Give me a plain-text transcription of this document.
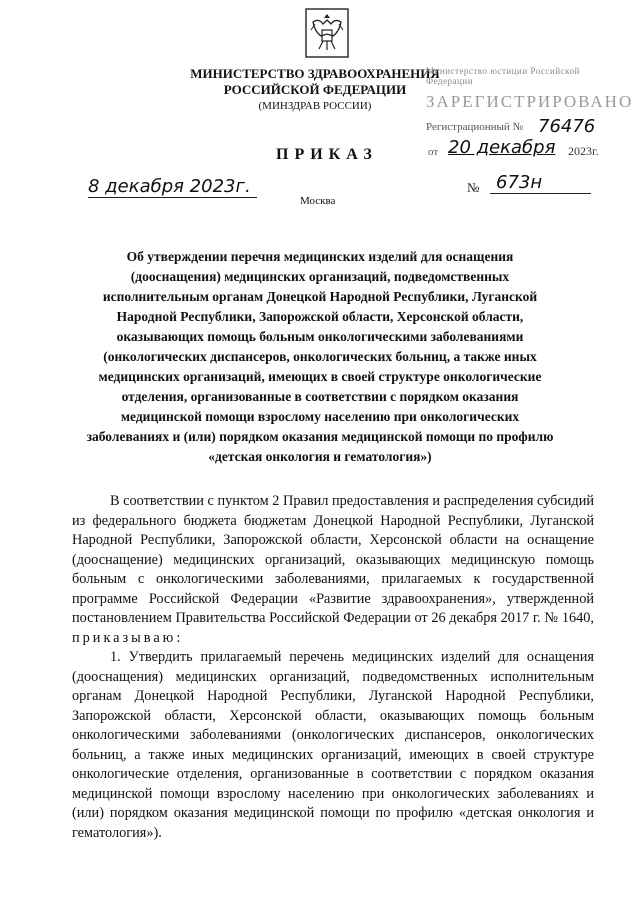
МИНИСТЕРСТВО ЗДРАВООХРАНЕНИЯ
РОССИЙСКОЙ ФЕДЕРАЦИИ
(МИНЗДРАВ РОССИИ)
Министерство юстиции Российской Федерации
ЗАРЕГИСТРИРОВАНО
Регистрационный № 76476
от 20 декабря 2023г.
ПРИКАЗ
8 декабря 2023г.	№ 673н
Москва
Об утверждении перечня медицинских изделий для оснащения (дооснащения) медицинских организаций, подведомственных исполнительным органам Донецкой Народной Республики, Луганской Народной Республики, Запорожской области, Херсонской области, оказывающих помощь больным онкологическими заболеваниями (онкологических диспансеров, онкологических больниц, а также иных медицинских организаций, имеющих в своей структуре онкологические отделения, организованные в соответствии с порядком оказания медицинской помощи взрослому населению при онкологических заболеваниях и (или) порядком оказания медицинской помощи по профилю «детская онкология и гематология»)

В соответствии с пунктом 2 Правил предоставления и распределения субсидий из федерального бюджета бюджетам Донецкой Народной Республики, Луганской Народной Республики, Запорожской области, Херсонской области на оснащение (дооснащение) медицинских организаций, оказывающих медицинскую помощь больным с онкологическими заболеваниями, прилагаемых к государственной программе Российской Федерации «Развитие здравоохранения», утвержденной постановлением Правительства Российской Федерации от 26 декабря 2017 г. № 1640, приказываю:

1. Утвердить прилагаемый перечень медицинских изделий для оснащения (дооснащения) медицинских организаций, подведомственных исполнительным органам Донецкой Народной Республики, Луганской Народной Республики, Запорожской области, Херсонской области, оказывающих помощь больным онкологическими заболеваниями (онкологических диспансеров, онкологических больниц, а также иных медицинских организаций, имеющих в своей структуре онкологические отделения, организованные в соответствии с порядком оказания медицинской помощи взрослому населению при онкологических заболеваниях и (или) порядком оказания медицинской помощи по профилю «детская онкология и гематология»).
